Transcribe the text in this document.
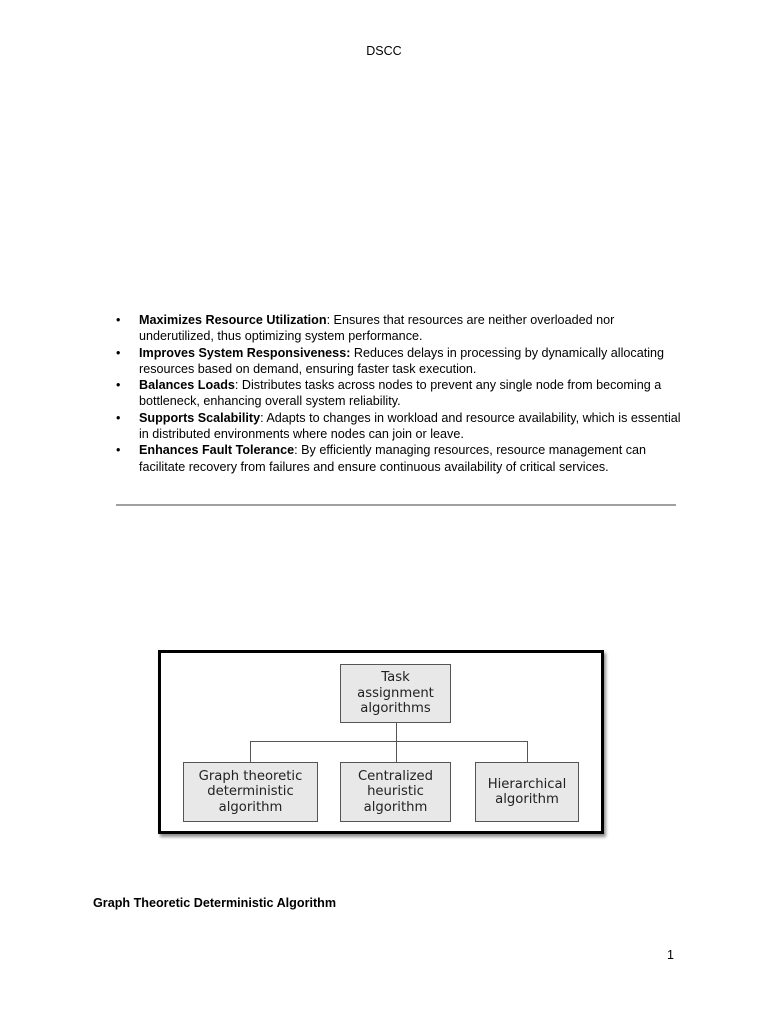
DSCC
• Maximizes Resource Utilization: Ensures that resources are neither overloaded nor underutilized, thus optimizing system performance.
• Improves System Responsiveness: Reduces delays in processing by dynamically allocating resources based on demand, ensuring faster task execution.
• Balances Loads: Distributes tasks across nodes to prevent any single node from becoming a bottleneck, enhancing overall system reliability.
• Supports Scalability: Adapts to changes in workload and resource availability, which is essential in distributed environments where nodes can join or leave.
• Enhances Fault Tolerance: By efficiently managing resources, resource management can facilitate recovery from failures and ensure continuous availability of critical services.
Task
assignment
algorithms
Graph theoretic
deterministic
algorithm
Centralized
heuristic
algorithm
Hierarchical
algorithm
Graph Theoretic Deterministic Algorithm
1
